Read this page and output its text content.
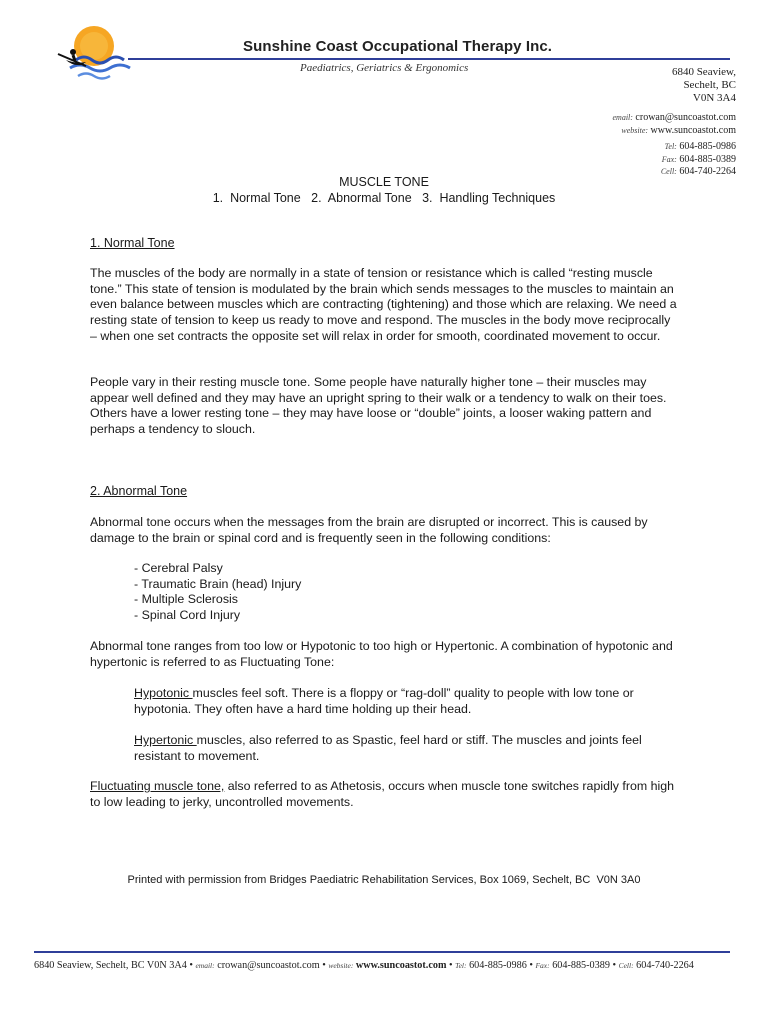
Sunshine Coast Occupational Therapy Inc.
Paediatrics, Geriatrics & Ergonomics	6840 Seaview,
Sechelt, BC
V0N 3A4
email: crowan@suncoastot.com
website: www.suncoastot.com
Tel: 604-885-0986
Fax: 604-885-0389
Cell: 604-740-2264
MUSCLE TONE
1.  Normal Tone   2.  Abnormal Tone   3.  Handling Techniques
1. Normal Tone
The muscles of the body are normally in a state of tension or resistance which is called “resting muscle tone.” This state of tension is modulated by the brain which sends messages to the muscles to maintain an even balance between muscles which are contracting (tightening) and those which are relaxing. We need a resting state of tension to keep us ready to move and respond. The muscles in the body move reciprocally – when one set contracts the opposite set will relax in order for smooth, coordinated movement to occur.
People vary in their resting muscle tone. Some people have naturally higher tone – their muscles may appear well defined and they may have an upright spring to their walk or a tendency to walk on their toes. Others have a lower resting tone – they may have loose or “double” joints, a looser waking pattern and perhaps a tendency to slouch.
2. Abnormal Tone
Abnormal tone occurs when the messages from the brain are disrupted or incorrect. This is caused by damage to the brain or spinal cord and is frequently seen in the following conditions:
- Cerebral Palsy
- Traumatic Brain (head) Injury
- Multiple Sclerosis
- Spinal Cord Injury
Abnormal tone ranges from too low or Hypotonic to too high or Hypertonic. A combination of hypotonic and hypertonic is referred to as Fluctuating Tone:
Hypotonic muscles feel soft. There is a floppy or “rag-doll” quality to people with low tone or hypotonia. They often have a hard time holding up their head.
Hypertonic muscles, also referred to as Spastic, feel hard or stiff. The muscles and joints feel resistant to movement.
Fluctuating muscle tone, also referred to as Athetosis, occurs when muscle tone switches rapidly from high to low leading to jerky, uncontrolled movements.
Printed with permission from Bridges Paediatric Rehabilitation Services, Box 1069, Sechelt, BC  V0N 3A0
6840 Seaview, Sechelt, BC V0N 3A4 • email: crowan@suncoastot.com • website: www.suncoastot.com • Tel: 604-885-0986 • Fax: 604-885-0389 • Cell: 604-740-2264
